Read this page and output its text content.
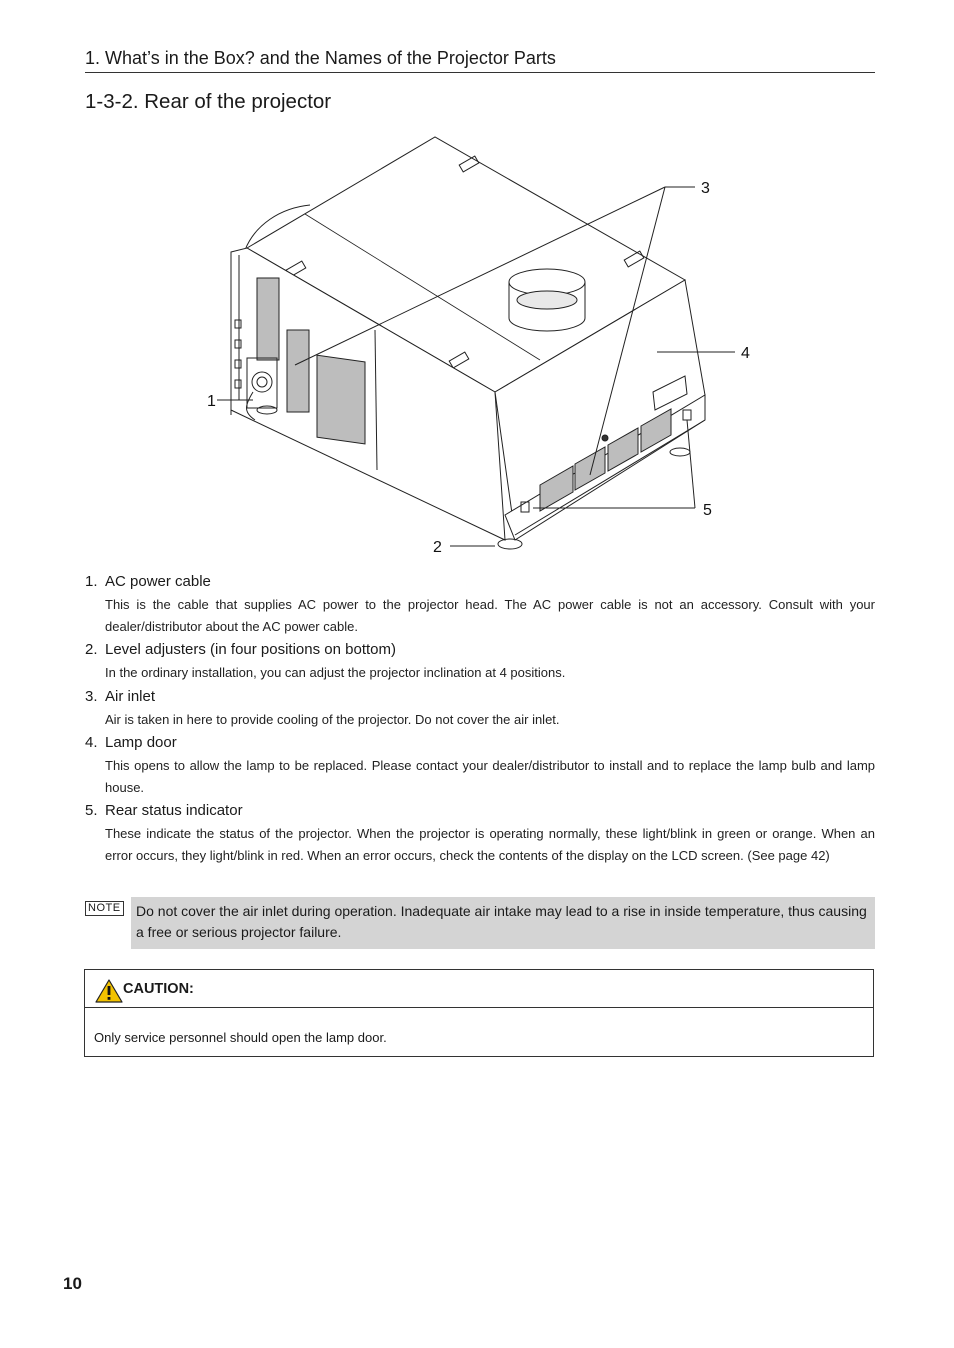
1. What’s in the Box? and the Names of the Projector Parts
1-3-2. Rear of the projector
1
2
3
4
5

1. AC power cable

This is the cable that supplies AC power to the projector head. The AC power cable is not an accessory. Consult with your dealer/distributor about the AC power cable.

2. Level adjusters (in four positions on bottom)

In the ordinary installation, you can adjust the projector inclination at 4 positions.

3. Air inlet

Air is taken in here to provide cooling of the projector. Do not cover the air inlet.

4. Lamp door

This opens to allow the lamp to be replaced. Please contact your dealer/distributor to install and to replace the lamp bulb and lamp house.

5. Rear status indicator

These indicate the status of the projector. When the projector is operating normally, these light/blink in green or orange. When an error occurs, they light/blink in red. When an error occurs, check the contents of the display on the LCD screen. (See page 42)

NOTE	Do not cover the air inlet during operation. Inadequate air intake may lead to a rise in inside temperature, thus causing a free or serious projector failure.
CAUTION:
Only service personnel should open the lamp door.
10
